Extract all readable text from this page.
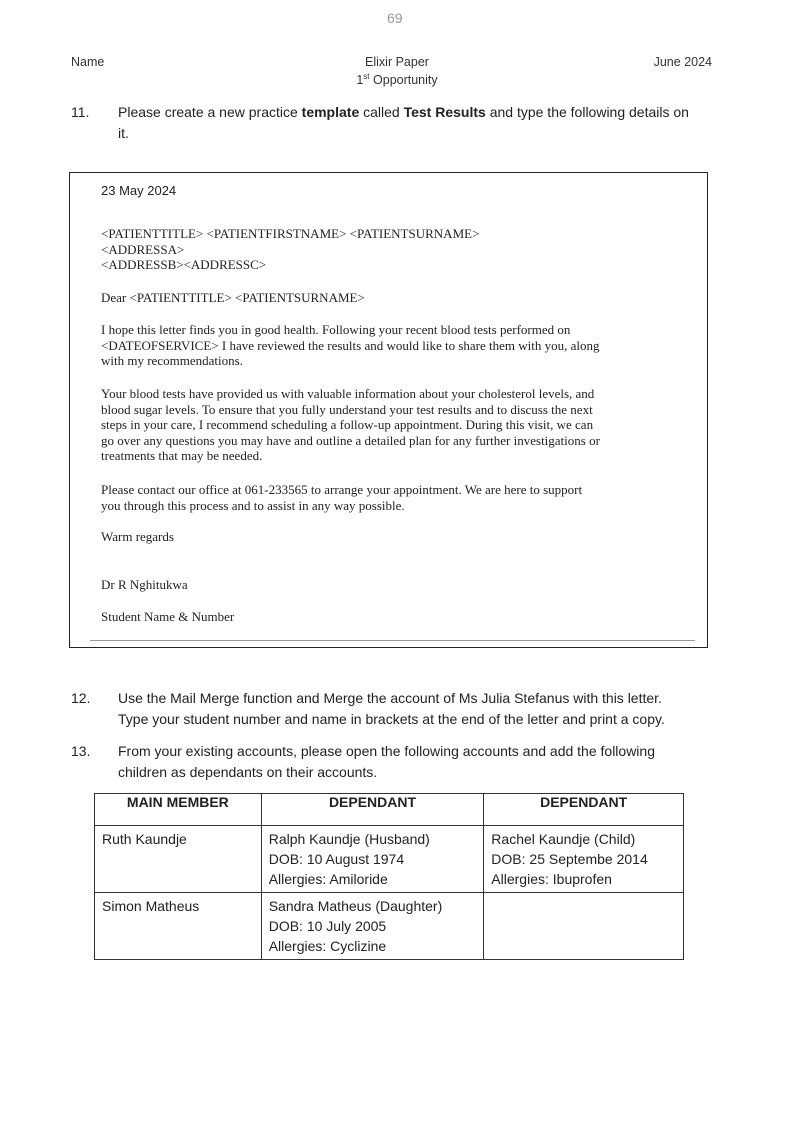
69
Name	Elixir Paper
1st Opportunity
June 2024
11. Please create a new practice template called Test Results and type the following details on
it.
23 May 2024
<PATIENTTITLE> <PATIENTFIRSTNAME> <PATIENTSURNAME>
<ADDRESSA>
<ADDRESSB><ADDRESSC>
Dear <PATIENTTITLE> <PATIENTSURNAME>
I hope this letter finds you in good health. Following your recent blood tests performed on
<DATEOFSERVICE> I have reviewed the results and would like to share them with you, along
with my recommendations.
Your blood tests have provided us with valuable information about your cholesterol levels, and
blood sugar levels. To ensure that you fully understand your test results and to discuss the next
steps in your care, I recommend scheduling a follow-up appointment. During this visit, we can
go over any questions you may have and outline a detailed plan for any further investigations or
treatments that may be needed.
Please contact our office at 061-233565 to arrange your appointment. We are here to support
you through this process and to assist in any way possible.
Warm regards
Dr R Nghitukwa
Student Name & Number
12. Use the Mail Merge function and Merge the account of Ms Julia Stefanus with this letter.
Type your student number and name in brackets at the end of the letter and print a copy.
13. From your existing accounts, please open the following accounts and add the following
children as dependants on their accounts.
MAIN MEMBER	DEPENDANT	DEPENDANT
Ruth Kaundje	Ralph Kaundje (Husband)
DOB: 10 August 1974
Allergies: Amiloride	Rachel Kaundje (Child)
DOB: 25 Septembe 2014
Allergies: Ibuprofen

Simon Matheus	Sandra Matheus (Daughter)
DOB: 10 July 2005
Allergies: Cyclizine	
